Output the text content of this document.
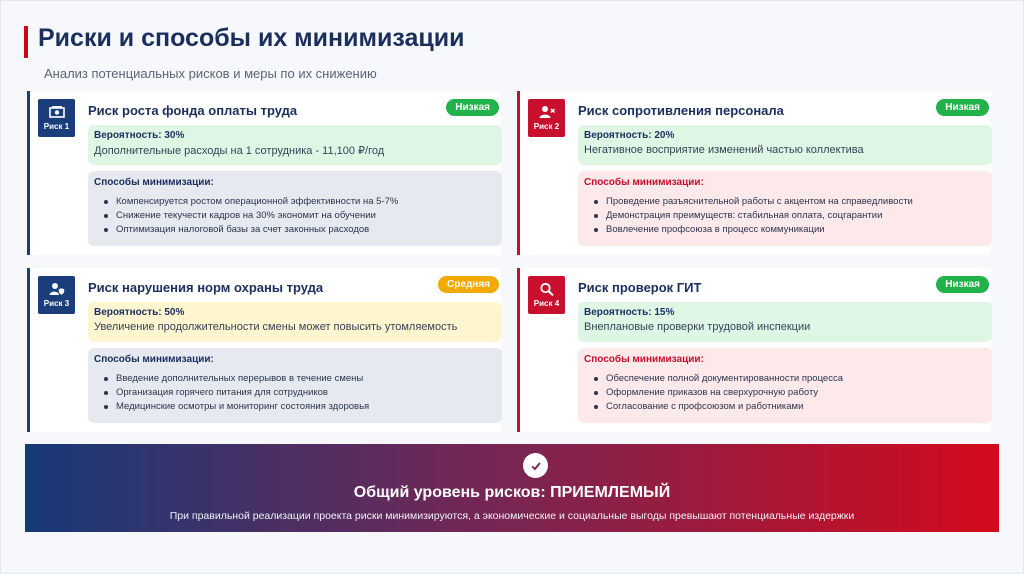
Риски и способы их минимизации
Анализ потенциальных рисков и меры по их снижению
Риск 1
Риск роста фонда оплаты труда	Низкая
Вероятность: 30%
Дополнительные расходы на 1 сотрудника - 11,100 ₽/год
Способы минимизации:
Компенсируется ростом операционной эффективности на 5-7%
Снижение текучести кадров на 30% экономит на обучении
Оптимизация налоговой базы за счет законных расходов
Риск 2
Риск сопротивления персонала	Низкая
Вероятность: 20%
Негативное восприятие изменений частью коллектива
Способы минимизации:
Проведение разъяснительной работы с акцентом на справедливости
Демонстрация преимуществ: стабильная оплата, соцгарантии
Вовлечение профсоюза в процесс коммуникации
Риск 3
Риск нарушения норм охраны труда	Средняя
Вероятность: 50%
Увеличение продолжительности смены может повысить утомляемость
Способы минимизации:
Введение дополнительных перерывов в течение смены
Организация горячего питания для сотрудников
Медицинские осмотры и мониторинг состояния здоровья
Риск 4
Риск проверок ГИТ	Низкая
Вероятность: 15%
Внеплановые проверки трудовой инспекции
Способы минимизации:
Обеспечение полной документированности процесса
Оформление приказов на сверхурочную работу
Согласование с профсоюзом и работниками
Общий уровень рисков: ПРИЕМЛЕМЫЙ
При правильной реализации проекта риски минимизируются, а экономические и социальные выгоды превышают потенциальные издержки
